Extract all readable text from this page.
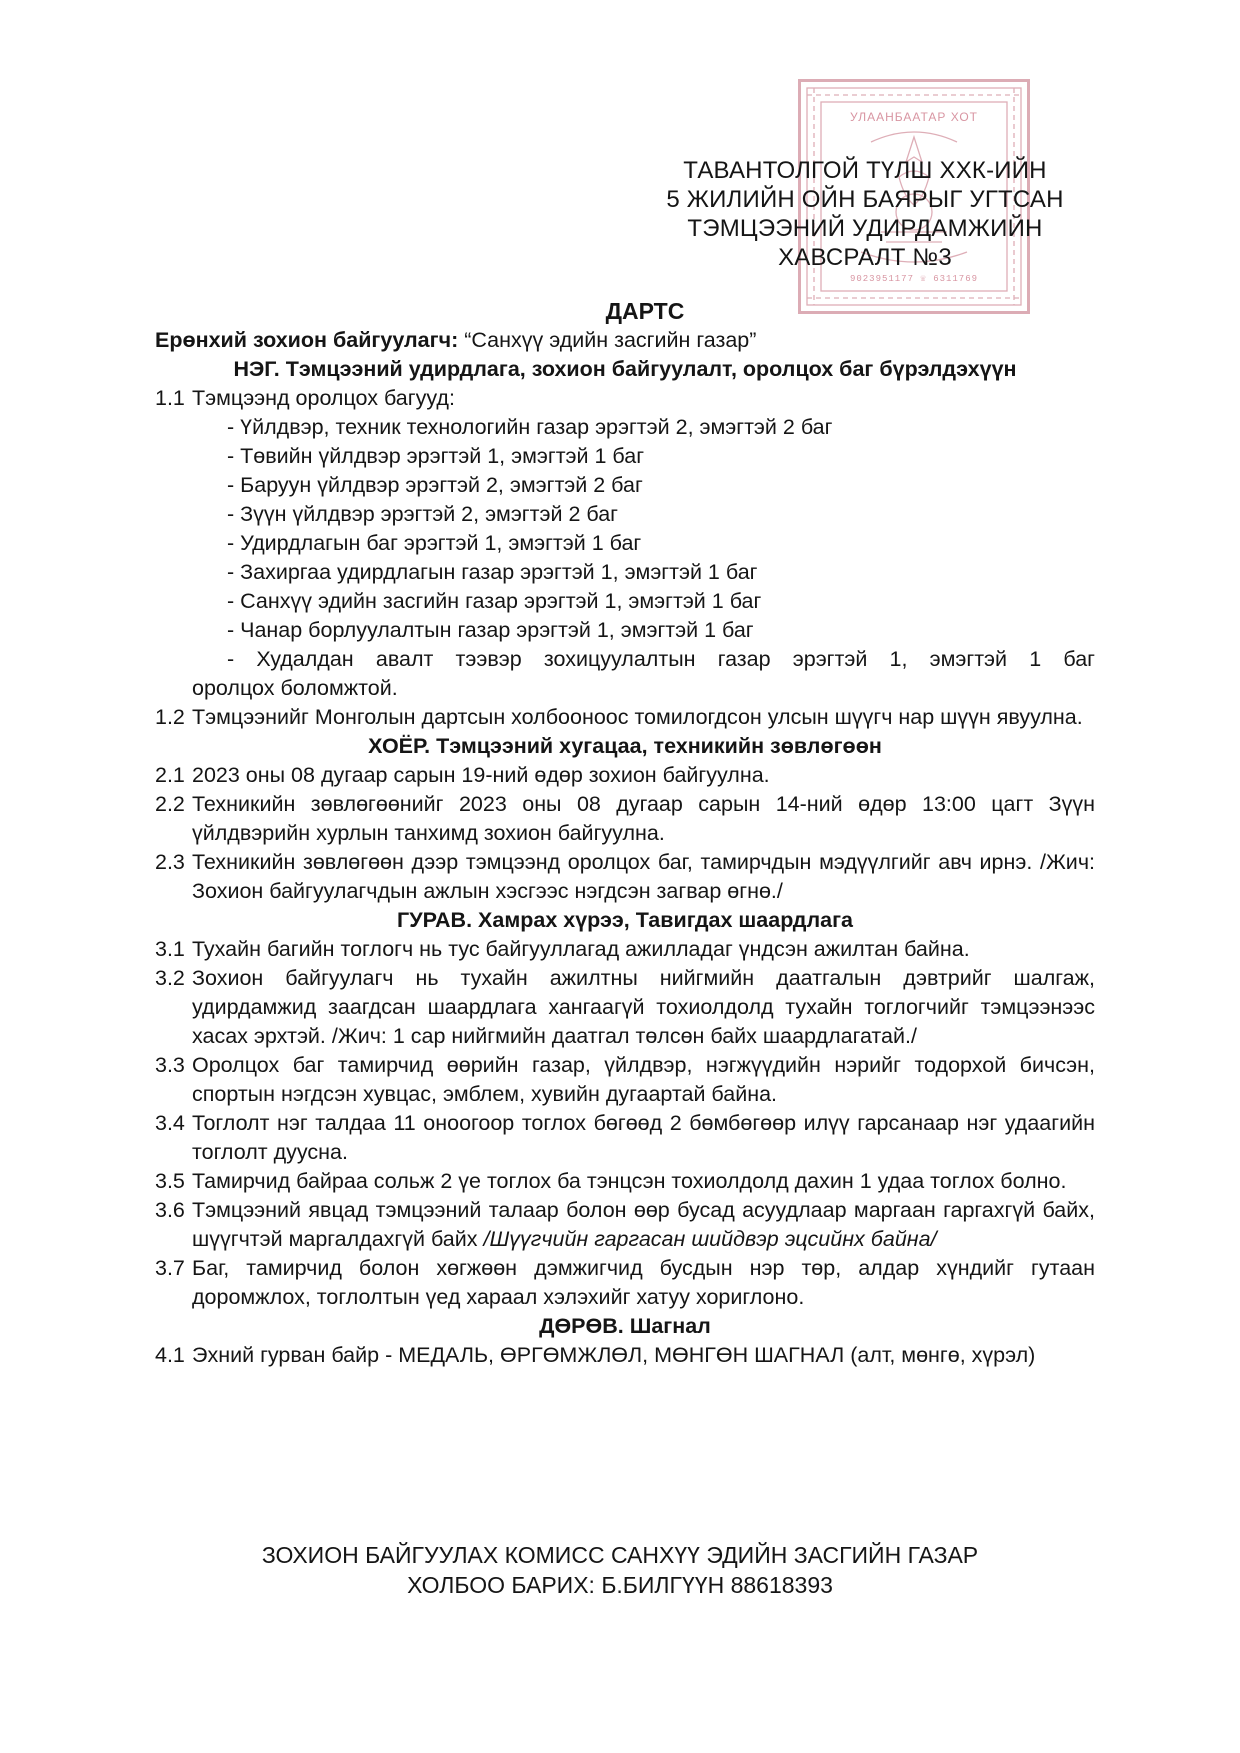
УЛААНБААТАР ХОТ
9023951177 ☏ 6311769
ТАВАНТОЛГОЙ ТҮЛШ ХХК-ИЙН
5 ЖИЛИЙН ОЙН БАЯРЫГ УГТСАН
ТЭМЦЭЭНИЙ УДИРДАМЖИЙН
ХАВСРАЛТ №3
ДАРТС
Ерөнхий зохион байгуулагч: “Санхүү эдийн засгийн газар”
НЭГ. Тэмцээний удирдлага, зохион байгуулалт, оролцох баг бүрэлдэхүүн
1.1 Тэмцээнд оролцох багууд:
- Үйлдвэр, техник технологийн газар эрэгтэй 2, эмэгтэй 2 баг
- Төвийн үйлдвэр эрэгтэй 1, эмэгтэй 1 баг
- Баруун үйлдвэр эрэгтэй 2, эмэгтэй 2 баг
- Зүүн үйлдвэр эрэгтэй 2, эмэгтэй 2 баг
- Удирдлагын баг эрэгтэй 1, эмэгтэй 1 баг
- Захиргаа удирдлагын газар эрэгтэй 1, эмэгтэй 1 баг
- Санхүү эдийн засгийн газар эрэгтэй 1, эмэгтэй 1 баг
- Чанар борлуулалтын газар эрэгтэй 1, эмэгтэй 1 баг
- Худалдан авалт тээвэр зохицуулалтын газар эрэгтэй 1, эмэгтэй 1 баг
оролцох боломжтой.
1.2 Тэмцээнийг Монголын дартсын холбооноос томилогдсон улсын шүүгч нар шүүн явуулна.
ХОЁР. Тэмцээний хугацаа, техникийн зөвлөгөөн
2.1 2023 оны 08 дугаар сарын 19-ний өдөр зохион байгуулна.
2.2 Техникийн зөвлөгөөнийг 2023 оны 08 дугаар сарын 14-ний өдөр 13:00 цагт Зүүн үйлдвэрийн хурлын танхимд зохион байгуулна.
2.3 Техникийн зөвлөгөөн дээр тэмцээнд оролцох баг, тамирчдын мэдүүлгийг авч ирнэ. /Жич: Зохион байгуулагчдын ажлын хэсгээс нэгдсэн загвар өгнө./
ГУРАВ. Хамрах хүрээ, Тавигдах шаардлага
3.1 Тухайн багийн тоглогч нь тус байгууллагад ажилладаг үндсэн ажилтан байна.
3.2 Зохион байгуулагч нь тухайн ажилтны нийгмийн даатгалын дэвтрийг шалгаж, удирдамжид заагдсан шаардлага хангаагүй тохиолдолд тухайн тоглогчийг тэмцээнээс хасах эрхтэй. /Жич: 1 сар нийгмийн даатгал төлсөн байх шаардлагатай./
3.3 Оролцох баг тамирчид өөрийн газар, үйлдвэр, нэгжүүдийн нэрийг тодорхой бичсэн, спортын нэгдсэн хувцас, эмблем, хувийн дугаартай байна.
3.4 Тоглолт нэг талдаа 11 оноогоор тоглох бөгөөд 2 бөмбөгөөр илүү гарсанаар нэг удаагийн тоглолт дуусна.
3.5 Тамирчид байраа сольж 2 үе тоглох ба тэнцсэн тохиолдолд дахин 1 удаа тоглох болно.
3.6 Тэмцээний явцад тэмцээний талаар болон өөр бусад асуудлаар маргаан гаргахгүй байх, шүүгчтэй маргалдахгүй байх /Шүүгчийн гаргасан шийдвэр эцсийнх байна/
3.7 Баг, тамирчид болон хөгжөөн дэмжигчид бусдын нэр төр, алдар хүндийг гутаан доромжлох, тоглолтын үед хараал хэлэхийг хатуу хориглоно.
ДӨРӨВ. Шагнал
4.1 Эхний гурван байр - МЕДАЛЬ, ӨРГӨМЖЛӨЛ, МӨНГӨН ШАГНАЛ (алт, мөнгө, хүрэл)
ЗОХИОН БАЙГУУЛАХ КОМИСС САНХҮҮ ЭДИЙН ЗАСГИЙН ГАЗАР
ХОЛБОО БАРИХ: Б.БИЛГҮҮН 88618393
